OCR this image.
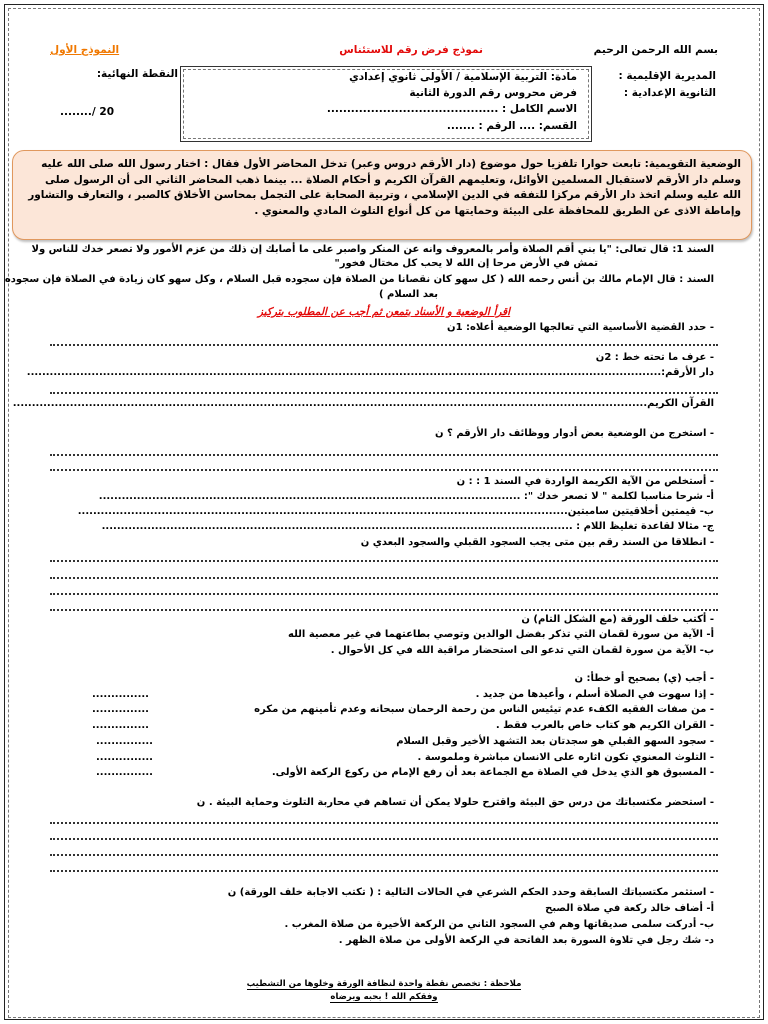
بسم الله الرحمن الرحيم
نموذج فرض رقم للاستئناس
النموذج الأول
المديرية الإقليمية :
الثانوية الإعدادية :
مادة: التربية الإسلامية / الأولى ثانوي إعدادي
فرض محروس رقم الدورة الثانية
الاسم الكامل : ...........................................
القسم: .... الرقم : .......
النقطة النهائية:
20 /........
الوضعية التقويمية: تابعت حوارا تلفزيا حول موضوع (دار الأرقم دروس وعبر) تدخل المحاضر الأول فقال : اختار رسول الله صلى الله عليه وسلم دار الأرقم لاستقبال المسلمين الأوائل، وتعليمهم القرآن الكريم و أحكام الصلاة ... بينما ذهب المحاضر الثاني الى أن الرسول صلى الله عليه وسلم اتخذ دار الأرقم مركزا للتفقه في الدين الإسلامي ، وتربية الصحابة على التجمل بمحاسن الأخلاق كالصبر ، والتعارف والتشاور وإماطة الاذى عن الطريق للمحافظة على البيئة وحمايتها من كل أنواع التلوث المادي والمعنوي .
السند 1: قال تعالى: "يا بني أقم الصلاة وأمر بالمعروف وانه عن المنكر واصبر على ما أصابك إن ذلك من عزم الأمور ولا تصعر خدك للناس ولا
تمش في الأرض مرحا إن الله لا يحب كل مختال فخور"
السند : قال الإمام مالك بن أنس رحمه الله ( كل سهو كان نقصانا من الصلاة فإن سجوده قبل السلام ، وكل سهو كان زيادة في الصلاة فإن سجوده
بعد السلام )
اقرأ الوضعية و الأسناد بتمعن ثم أجب عن المطلوب بتركيز
- حدد القضية الأساسية التي تعالجها الوضعية أعلاه: 1ن
- عرف ما تحته خط : 2ن
دار الأرقم:.......................................................................................................................................................................
القرآن الكريم.......................................................................................................................................................................
- استخرج من الوضعية بعض أدوار ووظائف دار الأرقم ؟ ن
- أستخلص من الآية الكريمة الواردة في السند 1 : : ن
أ- شرحا مناسبا لكلمة " لا تصعر خدك ": ...............................................................................................................
ب- قيمتين أخلاقيتين سامبتين.................................................................................................................................
ج- مثالا لقاعدة تغليظ اللام : ............................................................................................................................
- انطلاقا من السند رقم بين متى يجب السجود القبلي والسجود البعدي ن
- أكتب خلف الورقة (مع الشكل التام) ن
أ- الآية من سورة لقمان التي تذكر بفضل الوالدين وتوصي بطاعتهما في غير معصية الله
ب- الآية من سورة لقمان التي تدعو الى استحضار مراقبة الله في كل الأحوال .
- أجب (ي) بصحيح أو خطأ: ن
- إذا سهوت في الصلاة أسلم ، وأعيدها من جديد .
- من صفات الفقيه الكفء عدم تيئيس الناس من رحمة الرحمان سبحانه وعدم تأمينهم من مكره
- القران الكريم هو كتاب خاص بالعرب فقط .
- سجود السهو القبلي هو سجدتان بعد التشهد الأخير وقبل السلام
- التلوث المعنوي تكون اثاره على الانسان مباشرة وملموسة .
- المسبوق هو الذي يدخل في الصلاة مع الجماعة بعد أن رفع الإمام من ركوع الركعة الأولى.
...............
...............
...............
...............
...............
...............
- استحضر مكتسباتك من درس حق البيئة واقترح حلولا يمكن أن تساهم في محاربة التلوث وحماية البيئة . ن
- استثمر مكتسباتك السابقة وحدد الحكم الشرعي في الحالات التالية : ( تكتب الاجابة خلف الورقة) ن
أ- أضاف خالد ركعة في صلاة الصبح
ب- أدركت سلمى صديقاتها وهم في السجود الثاني من الركعة الأخيرة من صلاة المغرب .
د- شك رجل في تلاوة السورة بعد الفاتحة في الركعة الأولى من صلاة الظهر .
ملاحظة : تخصص نقطة واحدة لنظافة الورقة وخلوها من التشطيب
وفقكم الله ! بحبه ويرضاه
